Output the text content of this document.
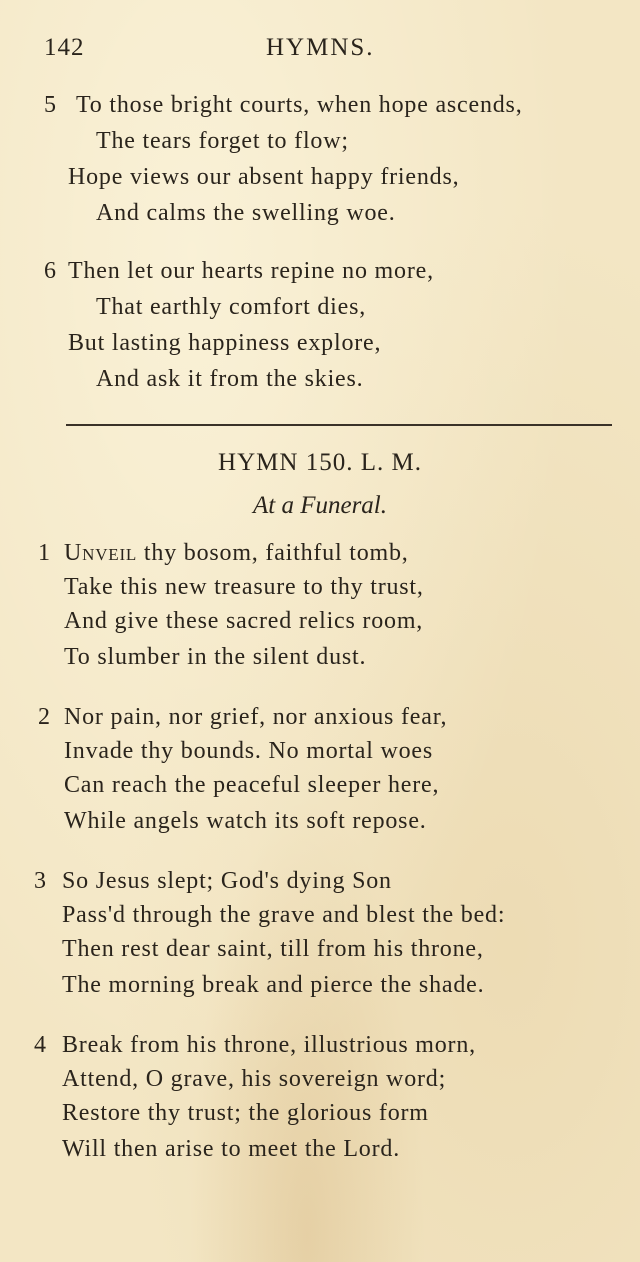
142	HYMNS.
5 To those bright courts, when hope ascends,
The tears forget to flow;
Hope views our absent happy friends,
And calms the swelling woe.
6 Then let our hearts repine no more,
That earthly comfort dies,
But lasting happiness explore,
And ask it from the skies.
HYMN 150. L. M.
At a Funeral.
1 Unveil thy bosom, faithful tomb,
Take this new treasure to thy trust,
And give these sacred relics room,
To slumber in the silent dust.
2 Nor pain, nor grief, nor anxious fear,
Invade thy bounds. No mortal woes
Can reach the peaceful sleeper here,
While angels watch its soft repose.
3 So Jesus slept; God's dying Son
Pass'd through the grave and blest the bed:
Then rest dear saint, till from his throne,
The morning break and pierce the shade.
4 Break from his throne, illustrious morn,
Attend, O grave, his sovereign word;
Restore thy trust; the glorious form
Will then arise to meet the Lord.
